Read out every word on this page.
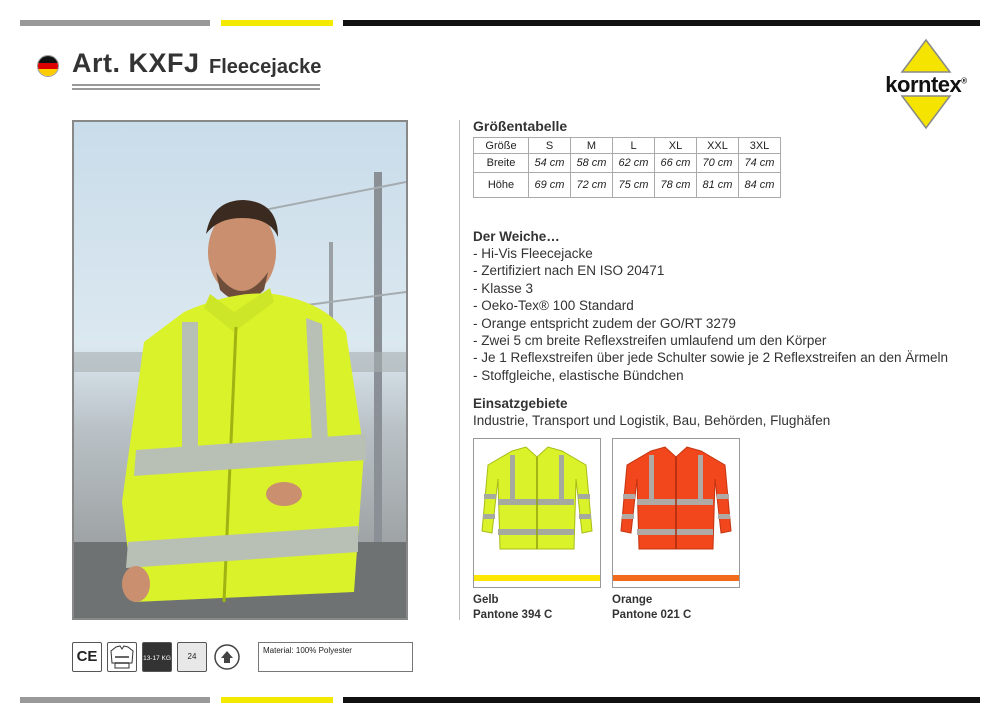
Art. KXFJ Fleecejacke
korntex®
Größentabelle
Größe	S	M	L	XL	XXL	3XL
Breite	54 cm	58 cm	62 cm	66 cm	70 cm	74 cm
Höhe	69 cm	72 cm	75 cm	78 cm	81 cm	84 cm
Der Weiche…
- Hi-Vis Fleecejacke
- Zertifiziert nach EN ISO 20471
- Klasse 3
- Oeko-Tex® 100 Standard
- Orange entspricht zudem der GO/RT 3279
- Zwei 5 cm breite Reflexstreifen umlaufend um den Körper
- Je 1 Reflexstreifen über jede Schulter sowie je 2 Reflexstreifen an den Ärmeln
- Stoffgleiche, elastische Bündchen
Einsatzgebiete
Industrie, Transport und Logistik, Bau, Behörden, Flughäfen
Gelb
Pantone 394 C
Orange
Pantone 021 C
CE	13-17 KG	24
Material: 100% Polyester
